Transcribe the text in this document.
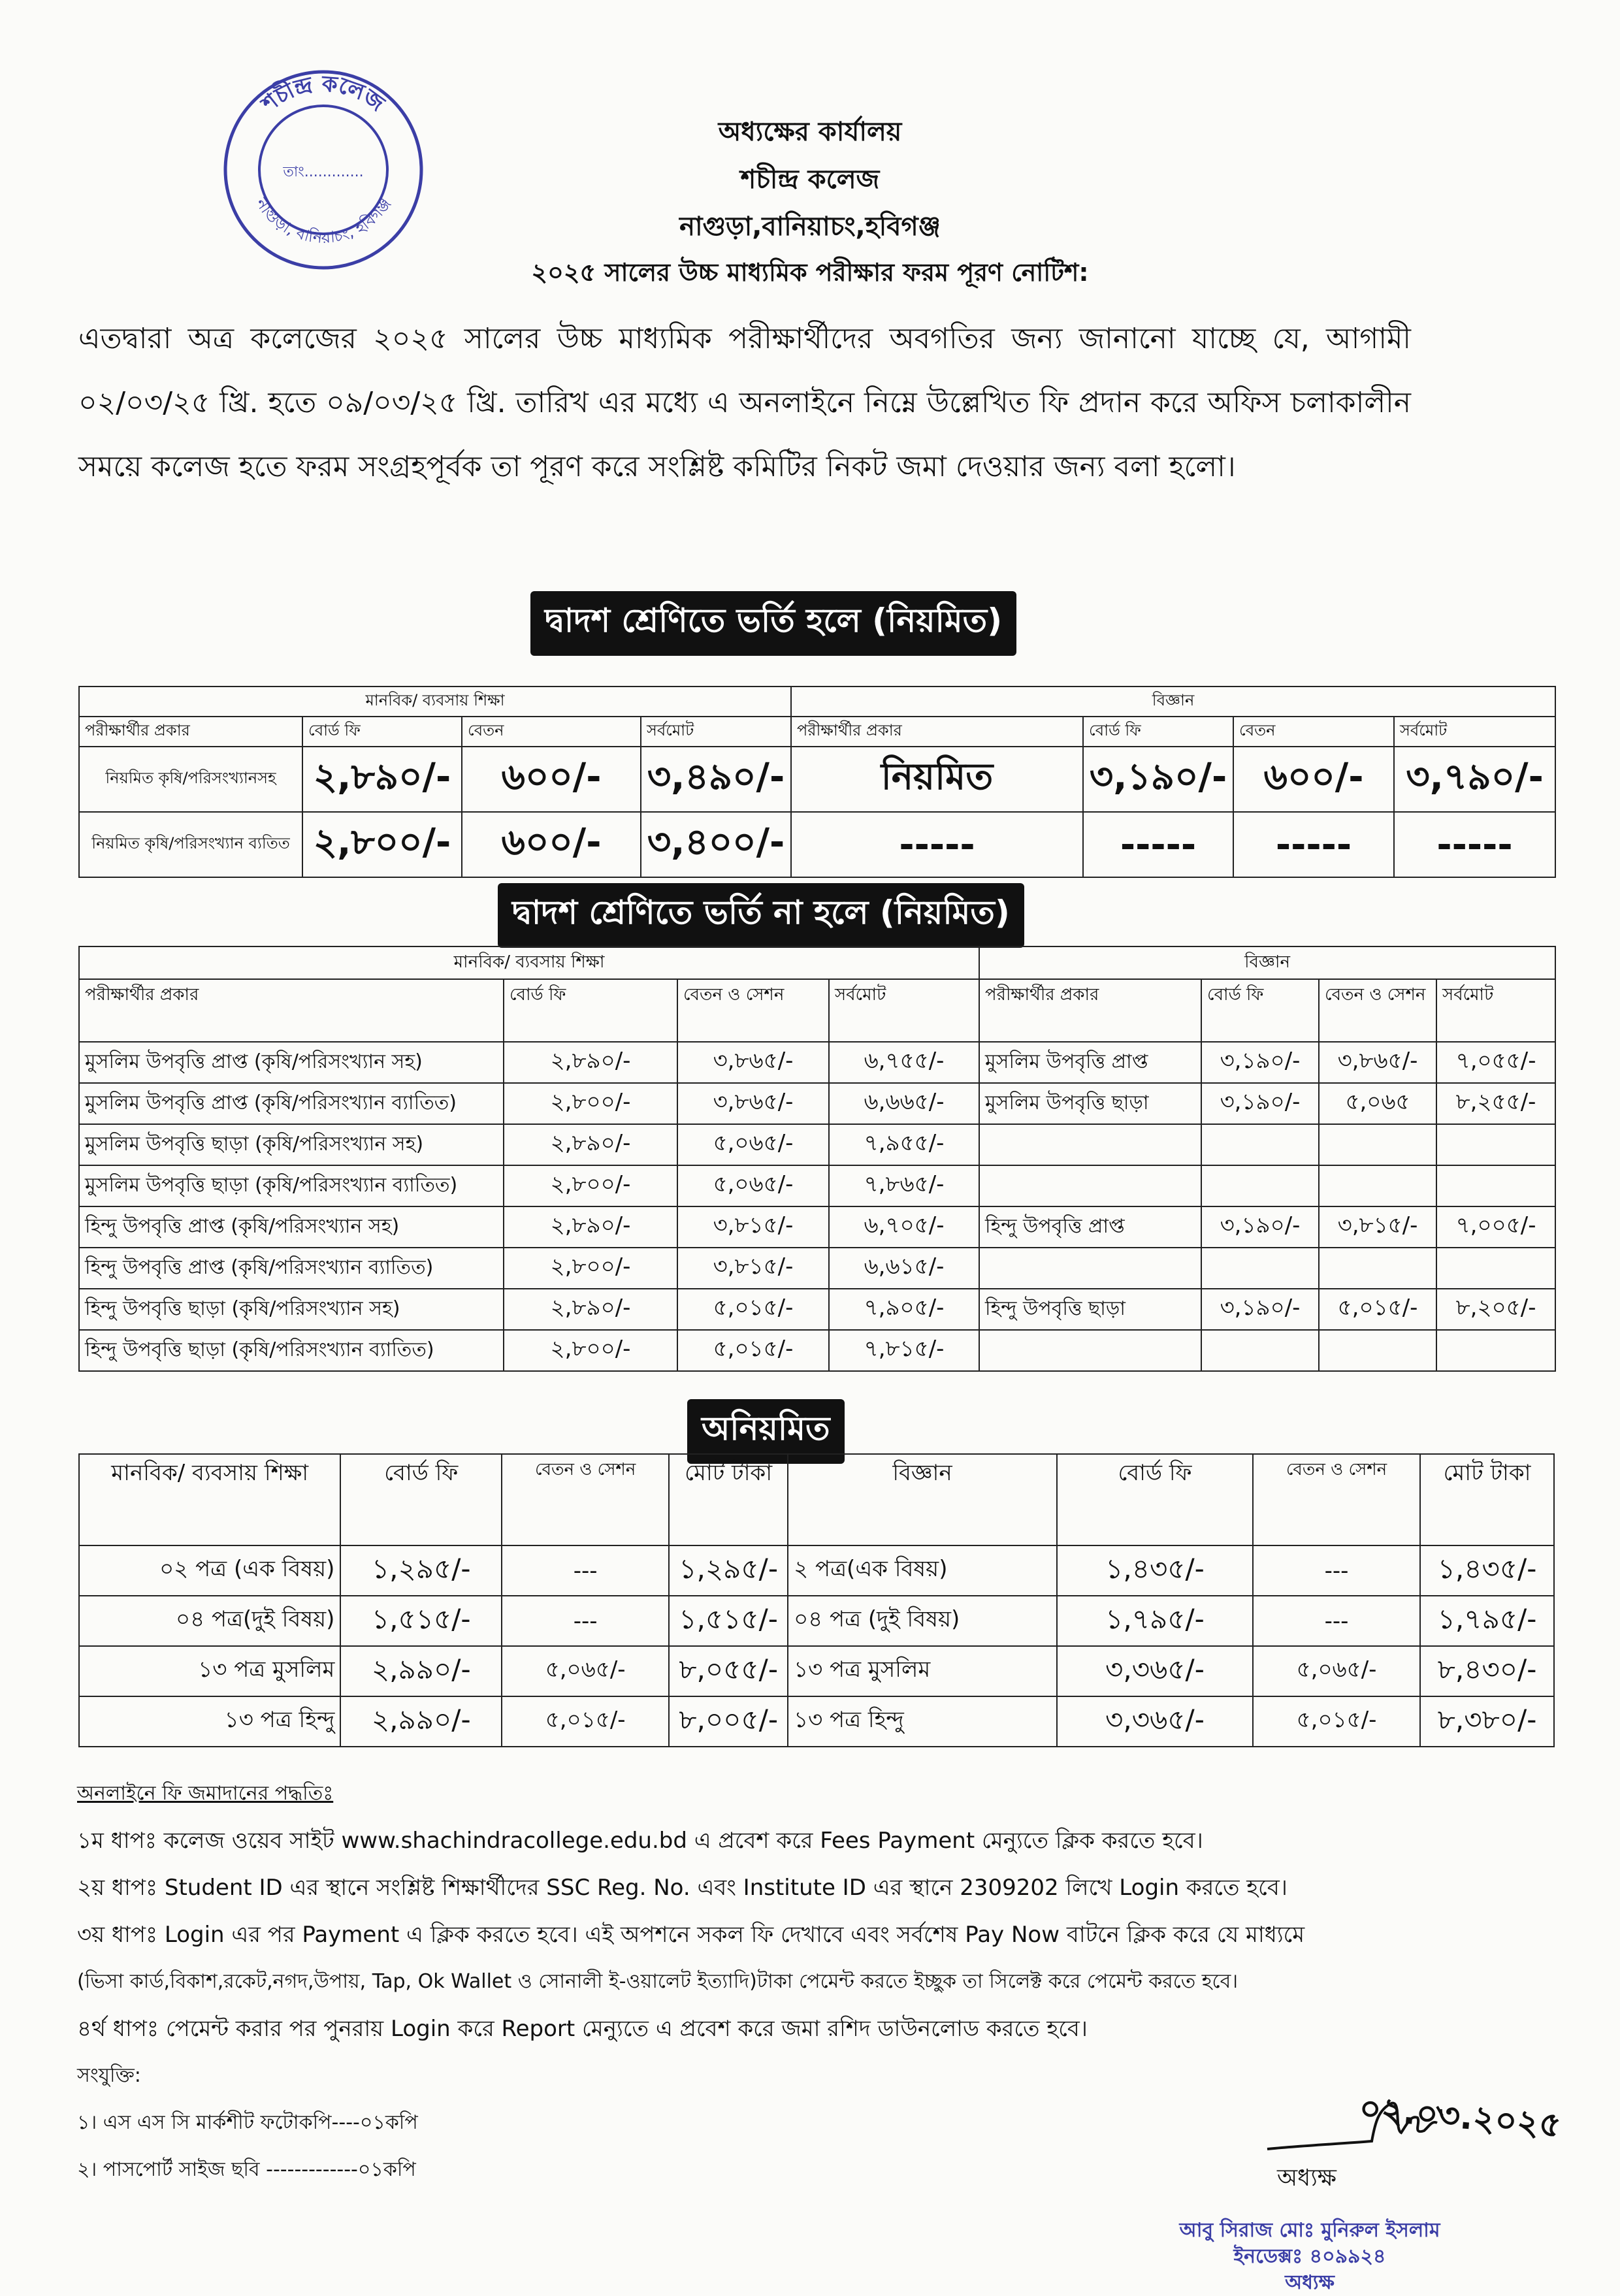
শচীন্দ্র কলেজ
নাগুড়া, বানিয়াচং, হবিগঞ্জ
তাং.............
অধ্যক্ষের কার্যালয়
শচীন্দ্র কলেজ
নাগুড়া,বানিয়াচং,হবিগঞ্জ
২০২৫ সালের উচ্চ মাধ্যমিক পরীক্ষার ফরম পূরণ নোটিশ:
এতদ্বারা অত্র কলেজের ২০২৫ সালের উচ্চ মাধ্যমিক পরীক্ষার্থীদের অবগতির জন্য জানানো যাচ্ছে যে, আগামী ০২/০৩/২৫ খ্রি. হতে ০৯/০৩/২৫ খ্রি. তারিখ এর মধ্যে এ অনলাইনে নিম্নে উল্লেখিত ফি প্রদান করে অফিস চলাকালীন সময়ে কলেজ হতে ফরম সংগ্রহপূর্বক তা পূরণ করে সংশ্লিষ্ট কমিটির নিকট জমা দেওয়ার জন্য বলা হলো।
দ্বাদশ শ্রেণিতে ভর্তি হলে (নিয়মিত)
মানবিক/ ব্যবসায় শিক্ষা				বিজ্ঞান			
পরীক্ষার্থীর প্রকার	বোর্ড ফি	বেতন	সর্বমোট	পরীক্ষার্থীর প্রকার	বোর্ড ফি	বেতন	সর্বমোট
নিয়মিত কৃষি/পরিসংখ্যানসহ	২,৮৯০/-	৬০০/-	৩,৪৯০/-	নিয়মিত	৩,১৯০/-	৬০০/-	৩,৭৯০/-
নিয়মিত কৃষি/পরিসংখ্যান ব্যতিত	২,৮০০/-	৬০০/-	৩,৪০০/-	-----	-----	-----	-----
দ্বাদশ শ্রেণিতে ভর্তি না হলে (নিয়মিত)
মানবিক/ ব্যবসায় শিক্ষা				বিজ্ঞান			
পরীক্ষার্থীর প্রকার	বোর্ড ফি	বেতন ও সেশন	সর্বমোট	পরীক্ষার্থীর প্রকার	বোর্ড ফি	বেতন ও সেশন	সর্বমোট
মুসলিম উপবৃত্তি প্রাপ্ত (কৃষি/পরিসংখ্যান সহ)	২,৮৯০/-	৩,৮৬৫/-	৬,৭৫৫/-	মুসলিম উপবৃত্তি প্রাপ্ত	৩,১৯০/-	৩,৮৬৫/-	৭,০৫৫/-
মুসলিম উপবৃত্তি প্রাপ্ত (কৃষি/পরিসংখ্যান ব্যাতিত)	২,৮০০/-	৩,৮৬৫/-	৬,৬৬৫/-	মুসলিম উপবৃত্তি ছাড়া	৩,১৯০/-	৫,০৬৫	৮,২৫৫/-
মুসলিম উপবৃত্তি ছাড়া (কৃষি/পরিসংখ্যান সহ)	২,৮৯০/-	৫,০৬৫/-	৭,৯৫৫/-				
মুসলিম উপবৃত্তি ছাড়া (কৃষি/পরিসংখ্যান ব্যাতিত)	২,৮০০/-	৫,০৬৫/-	৭,৮৬৫/-				
হিন্দু উপবৃত্তি প্রাপ্ত (কৃষি/পরিসংখ্যান সহ)	২,৮৯০/-	৩,৮১৫/-	৬,৭০৫/-	হিন্দু উপবৃত্তি প্রাপ্ত	৩,১৯০/-	৩,৮১৫/-	৭,০০৫/-
হিন্দু উপবৃত্তি প্রাপ্ত (কৃষি/পরিসংখ্যান ব্যাতিত)	২,৮০০/-	৩,৮১৫/-	৬,৬১৫/-				
হিন্দু উপবৃত্তি ছাড়া (কৃষি/পরিসংখ্যান সহ)	২,৮৯০/-	৫,০১৫/-	৭,৯০৫/-	হিন্দু উপবৃত্তি ছাড়া	৩,১৯০/-	৫,০১৫/-	৮,২০৫/-
হিন্দু উপবৃত্তি ছাড়া (কৃষি/পরিসংখ্যান ব্যাতিত)	২,৮০০/-	৫,০১৫/-	৭,৮১৫/-				
অনিয়মিত
মানবিক/ ব্যবসায় শিক্ষা	বোর্ড ফি	বেতন ও সেশন	মোট টাকা	বিজ্ঞান	বোর্ড ফি	বেতন ও সেশন	মোট টাকা
০২ পত্র (এক বিষয়)	১,২৯৫/-	---	১,২৯৫/-	২ পত্র(এক বিষয়)	১,৪৩৫/-	---	১,৪৩৫/-
০৪ পত্র(দুই বিষয়)	১,৫১৫/-	---	১,৫১৫/-	০৪ পত্র (দুই বিষয়)	১,৭৯৫/-	---	১,৭৯৫/-
১৩ পত্র মুসলিম	২,৯৯০/-	৫,০৬৫/-	৮,০৫৫/-	১৩ পত্র মুসলিম	৩,৩৬৫/-	৫,০৬৫/-	৮,৪৩০/-
১৩ পত্র হিন্দু	২,৯৯০/-	৫,০১৫/-	৮,০০৫/-	১৩ পত্র হিন্দু	৩,৩৬৫/-	৫,০১৫/-	৮,৩৮০/-
অনলাইনে ফি জমাদানের পদ্ধতিঃ
১ম ধাপঃ কলেজ ওয়েব সাইট www.shachindracollege.edu.bd এ প্রবেশ করে Fees Payment মেন্যুতে ক্লিক করতে হবে।
২য় ধাপঃ Student ID এর স্থানে সংশ্লিষ্ট শিক্ষার্থীদের SSC Reg. No. এবং Institute ID এর স্থানে 2309202 লিখে Login করতে হবে।
৩য় ধাপঃ Login এর পর Payment এ ক্লিক করতে হবে। এই অপশনে সকল ফি দেখাবে এবং সর্বশেষ Pay Now বাটনে ক্লিক করে যে মাধ্যমে
(ভিসা কার্ড,বিকাশ,রকেট,নগদ,উপায়, Tap, Ok Wallet ও সোনালী ই-ওয়ালেট ইত্যাদি)টাকা পেমেন্ট করতে ইচ্ছুক তা সিলেক্ট করে পেমেন্ট করতে হবে।
৪র্থ ধাপঃ পেমেন্ট করার পর পুনরায় Login করে Report মেন্যুতে এ প্রবেশ করে জমা রশিদ ডাউনলোড করতে হবে।
সংযুক্তি:
১। এস এস সি মার্কশীট ফটোকপি----০১কপি
২। পাসপোর্ট সাইজ ছবি -------------০১কপি
০২.০৩.২০২৫
অধ্যক্ষ
আবু সিরাজ মোঃ মুনিরুল ইসলাম
ইনডেক্সঃ ৪০৯৯২৪
অধ্যক্ষ
